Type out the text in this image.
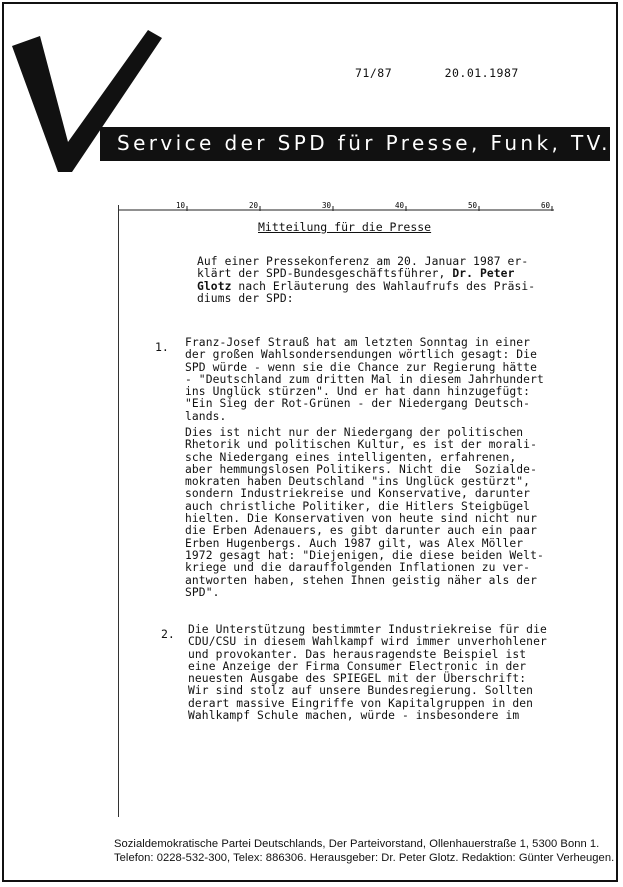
71/87	20.01.1987
Service der SPD für Presse, Funk, TV.
10	20	30	40	50	60
Mitteilung für die Presse
Auf einer Pressekonferenz am 20. Januar 1987 er-
klärt der SPD-Bundesgeschäftsführer, Dr. Peter
Glotz nach Erläuterung des Wahlaufrufs des Präsi-
diums der SPD:
1. Franz-Josef Strauß hat am letzten Sonntag in einer
der großen Wahlsondersendungen wörtlich gesagt: Die
SPD würde - wenn sie die Chance zur Regierung hätte
- "Deutschland zum dritten Mal in diesem Jahrhundert
ins Unglück stürzen". Und er hat dann hinzugefügt:
"Ein Sieg der Rot-Grünen - der Niedergang Deutsch-
lands.
Dies ist nicht nur der Niedergang der politischen
Rhetorik und politischen Kultur, es ist der morali-
sche Niedergang eines intelligenten, erfahrenen,
aber hemmungslosen Politikers. Nicht die  Sozialde-
mokraten haben Deutschland "ins Unglück gestürzt",
sondern Industriekreise und Konservative, darunter
auch christliche Politiker, die Hitlers Steigbügel
hielten. Die Konservativen von heute sind nicht nur
die Erben Adenauers, es gibt darunter auch ein paar
Erben Hugenbergs. Auch 1987 gilt, was Alex Möller
1972 gesagt hat: "Diejenigen, die diese beiden Welt-
kriege und die darauffolgenden Inflationen zu ver-
antworten haben, stehen Ihnen geistig näher als der
SPD".
2. Die Unterstützung bestimmter Industriekreise für die
CDU/CSU in diesem Wahlkampf wird immer unverhohlener
und provokanter. Das herausragendste Beispiel ist
eine Anzeige der Firma Consumer Electronic in der
neuesten Ausgabe des SPIEGEL mit der Überschrift:
Wir sind stolz auf unsere Bundesregierung. Sollten
derart massive Eingriffe von Kapitalgruppen in den
Wahlkampf Schule machen, würde - insbesondere im
Sozialdemokratische Partei Deutschlands, Der Parteivorstand, Ollenhauerstraße 1, 5300 Bonn 1.
Telefon: 0228-532-300, Telex: 886306. Herausgeber: Dr. Peter Glotz. Redaktion: Günter Verheugen.
